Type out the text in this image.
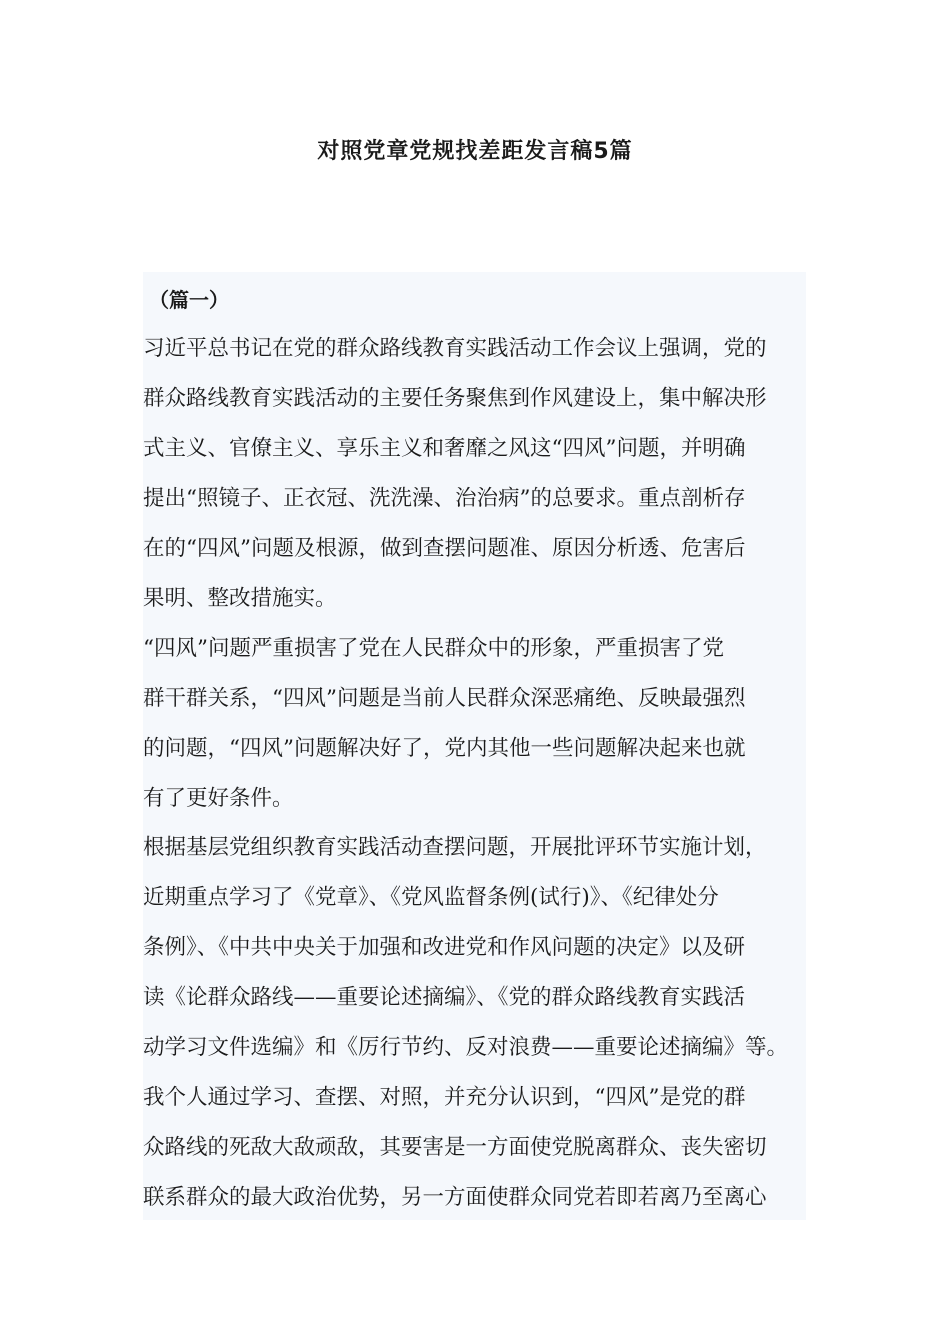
对照党章党规找差距发言稿5篇
（篇一）

习近平总书记在党的群众路线教育实践活动工作会议上强调，党的
群众路线教育实践活动的主要任务聚焦到作风建设上，集中解决形
式主义、官僚主义、享乐主义和奢靡之风这“四风”问题，并明确
提出“照镜子、正衣冠、洗洗澡、治治病”的总要求。重点剖析存
在的“四风”问题及根源，做到查摆问题准、原因分析透、危害后
果明、整改措施实。

“四风”问题严重损害了党在人民群众中的形象，严重损害了党
群干群关系，“四风”问题是当前人民群众深恶痛绝、反映最强烈
的问题，“四风”问题解决好了，党内其他一些问题解决起来也就
有了更好条件。

根据基层党组织教育实践活动查摆问题，开展批评环节实施计划，
近期重点学习了《党章》、《党风监督条例(试行)》、《纪律处分
条例》、《中共中央关于加强和改进党和作风问题的决定》以及研
读《论群众路线——重要论述摘编》、《党的群众路线教育实践活
动学习文件选编》和《厉行节约、反对浪费——重要论述摘编》等。
我个人通过学习、查摆、对照，并充分认识到，“四风”是党的群
众路线的死敌大敌顽敌，其要害是一方面使党脱离群众、丧失密切
联系群众的最大政治优势，另一方面使群众同党若即若离乃至离心
